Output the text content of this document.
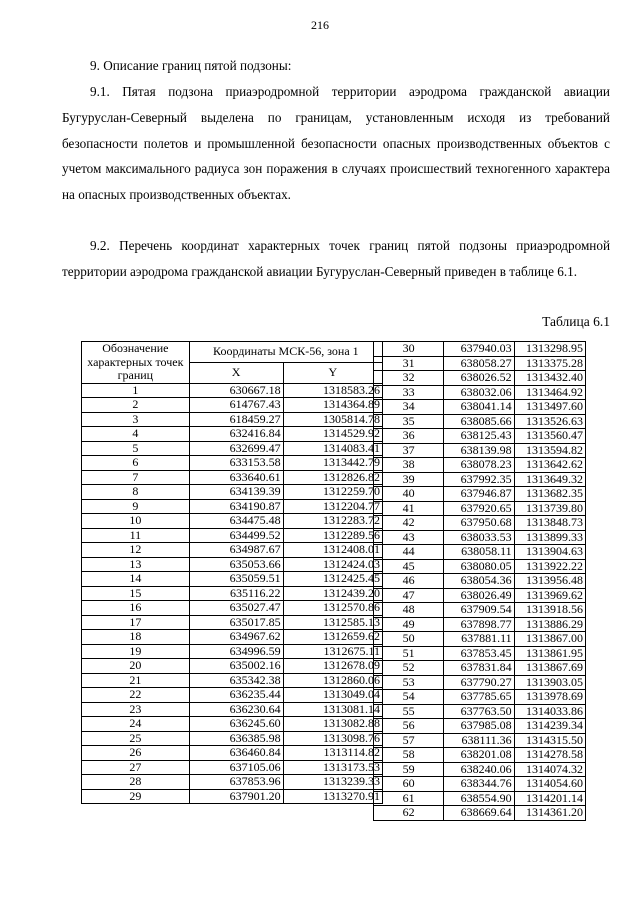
216
9. Описание границ пятой подзоны:
9.1. Пятая подзона приаэродромной территории аэродрома гражданской авиации Бугуруслан-Северный выделена по границам, установленным исходя из требований безопасности полетов и промышленной безопасности опасных производственных объектов с учетом максимального радиуса зон поражения в случаях происшествий техногенного характера на опасных производственных объектах.
9.2. Перечень координат характерных точек границ пятой подзоны приаэродромной территории аэродрома гражданской авиации Бугуруслан-Северный приведен в таблице 6.1.
Таблица 6.1
Обозначение характерных точек границ	Координаты МСК-56, зона 1	
	X	Y
1	630667.18	1318583.26
2	614767.43	1314364.89
3	618459.27	1305814.78
4	632416.84	1314529.92
5	632699.47	1314083.41
6	633153.58	1313442.79
7	633640.61	1312826.82
8	634139.39	1312259.70
9	634190.87	1312204.77
10	634475.48	1312283.72
11	634499.52	1312289.56
12	634987.67	1312408.01
13	635053.66	1312424.03
14	635059.51	1312425.45
15	635116.22	1312439.20
16	635027.47	1312570.86
17	635017.85	1312585.13
18	634967.62	1312659.62
19	634996.59	1312675.11
20	635002.16	1312678.09
21	635342.38	1312860.06
22	636235.44	1313049.04
23	636230.64	1313081.14
24	636245.60	1313082.88
25	636385.98	1313098.76
26	636460.84	1313114.82
27	637105.06	1313173.53
28	637853.96	1313239.33
29	637901.20	1313270.91
30	637940.03	1313298.95
31	638058.27	1313375.28
32	638026.52	1313432.40
33	638032.06	1313464.92
34	638041.14	1313497.60
35	638085.66	1313526.63
36	638125.43	1313560.47
37	638139.98	1313594.82
38	638078.23	1313642.62
39	637992.35	1313649.32
40	637946.87	1313682.35
41	637920.65	1313739.80
42	637950.68	1313848.73
43	638033.53	1313899.33
44	638058.11	1313904.63
45	638080.05	1313922.22
46	638054.36	1313956.48
47	638026.49	1313969.62
48	637909.54	1313918.56
49	637898.77	1313886.29
50	637881.11	1313867.00
51	637853.45	1313861.95
52	637831.84	1313867.69
53	637790.27	1313903.05
54	637785.65	1313978.69
55	637763.50	1314033.86
56	637985.08	1314239.34
57	638111.36	1314315.50
58	638201.08	1314278.58
59	638240.06	1314074.32
60	638344.76	1314054.60
61	638554.90	1314201.14
62	638669.64	1314361.20
